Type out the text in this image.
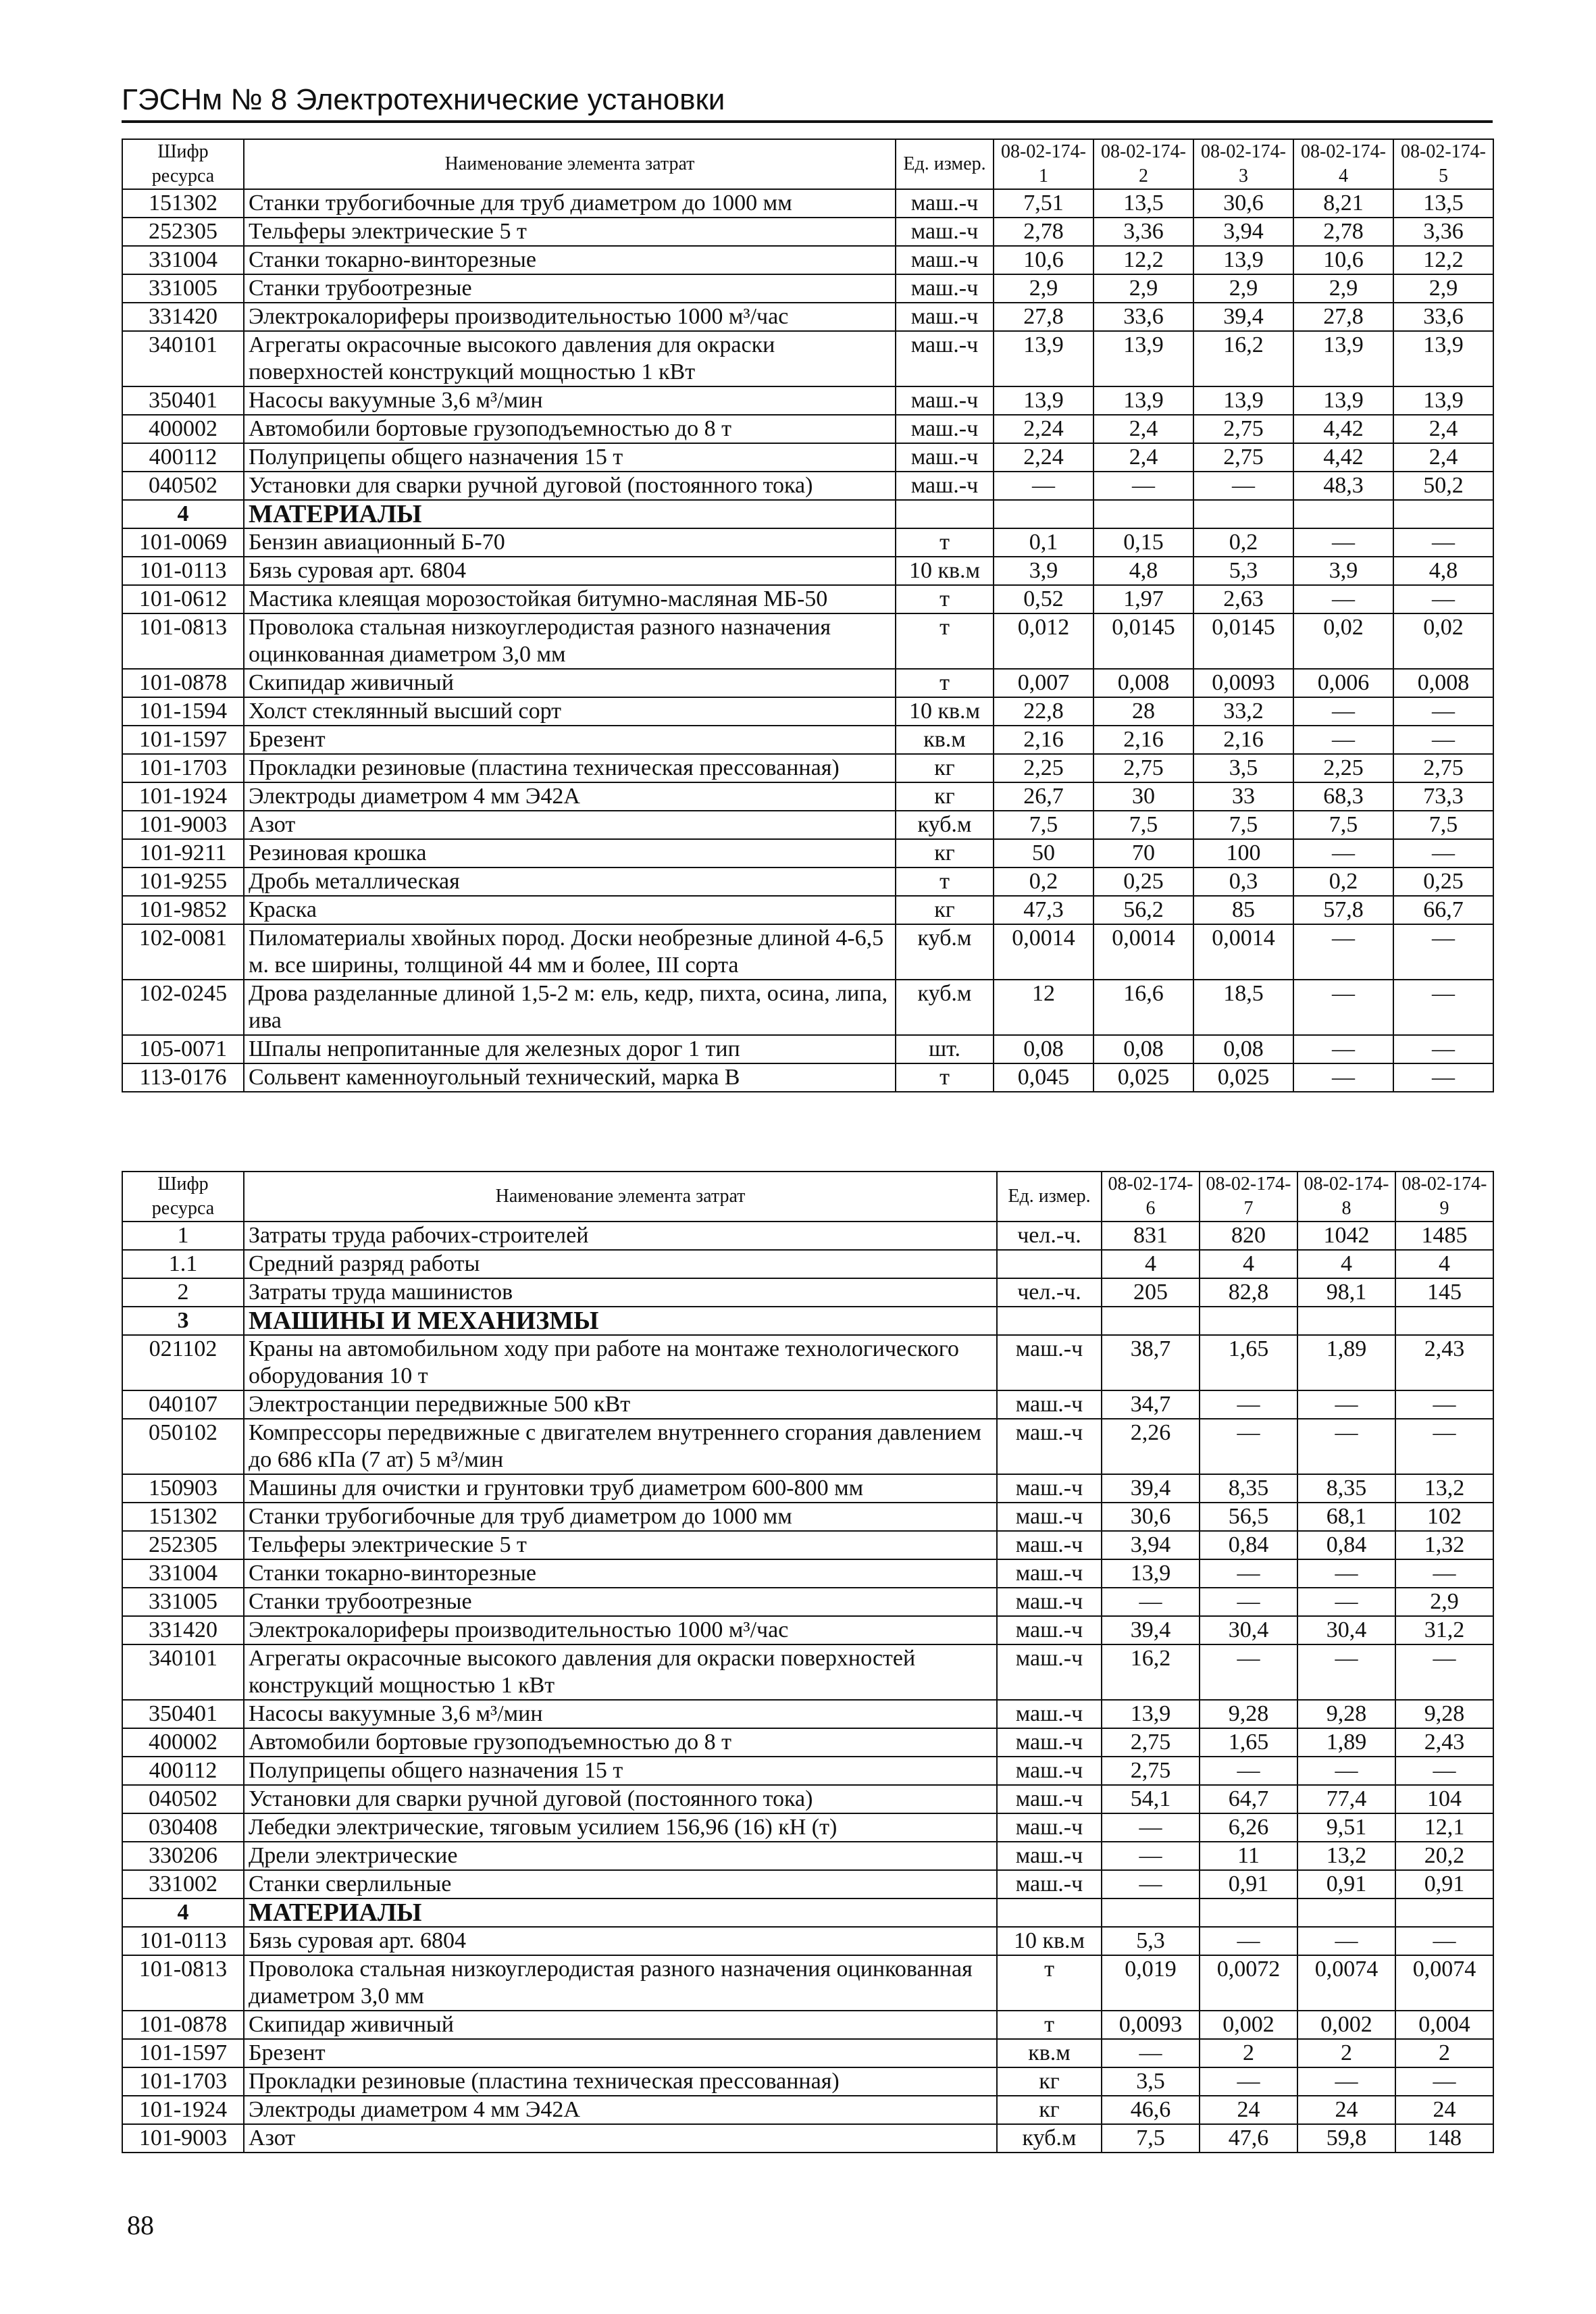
ГЭСНм № 8 Электротехнические установки
Шифр ресурса	Наименование элемента затрат	Ед. измер.	08-02-174-1	08-02-174-2	08-02-174-3	08-02-174-4	08-02-174-5
151302	Станки трубогибочные для труб диаметром до 1000 мм	маш.-ч	7,51	13,5	30,6	8,21	13,5
252305	Тельферы электрические 5 т	маш.-ч	2,78	3,36	3,94	2,78	3,36
331004	Станки токарно-винторезные	маш.-ч	10,6	12,2	13,9	10,6	12,2
331005	Станки трубоотрезные	маш.-ч	2,9	2,9	2,9	2,9	2,9
331420	Электрокалориферы производительностью 1000 м³/час	маш.-ч	27,8	33,6	39,4	27,8	33,6
340101	Агрегаты окрасочные высокого давления для окраски поверхностей конструкций мощностью 1 кВт	маш.-ч	13,9	13,9	16,2	13,9	13,9
350401	Насосы вакуумные 3,6 м³/мин	маш.-ч	13,9	13,9	13,9	13,9	13,9
400002	Автомобили бортовые грузоподъемностью до 8 т	маш.-ч	2,24	2,4	2,75	4,42	2,4
400112	Полуприцепы общего назначения 15 т	маш.-ч	2,24	2,4	2,75	4,42	2,4
040502	Установки для сварки ручной дуговой (постоянного тока)	маш.-ч	—	—	—	48,3	50,2
4	МАТЕРИАЛЫ						
101-0069	Бензин авиационный Б-70	т	0,1	0,15	0,2	—	—
101-0113	Бязь суровая арт. 6804	10 кв.м	3,9	4,8	5,3	3,9	4,8
101-0612	Мастика клеящая морозостойкая битумно-масляная МБ-50	т	0,52	1,97	2,63	—	—
101-0813	Проволока стальная низкоуглеродистая разного назначения оцинкованная диаметром 3,0 мм	т	0,012	0,0145	0,0145	0,02	0,02
101-0878	Скипидар живичный	т	0,007	0,008	0,0093	0,006	0,008
101-1594	Холст стеклянный высший сорт	10 кв.м	22,8	28	33,2	—	—
101-1597	Брезент	кв.м	2,16	2,16	2,16	—	—
101-1703	Прокладки резиновые (пластина техническая прессованная)	кг	2,25	2,75	3,5	2,25	2,75
101-1924	Электроды диаметром 4 мм Э42А	кг	26,7	30	33	68,3	73,3
101-9003	Азот	куб.м	7,5	7,5	7,5	7,5	7,5
101-9211	Резиновая крошка	кг	50	70	100	—	—
101-9255	Дробь металлическая	т	0,2	0,25	0,3	0,2	0,25
101-9852	Краска	кг	47,3	56,2	85	57,8	66,7
102-0081	Пиломатериалы хвойных пород. Доски необрезные длиной 4-6,5 м. все ширины, толщиной 44 мм и более, III сорта	куб.м	0,0014	0,0014	0,0014	—	—
102-0245	Дрова разделанные длиной 1,5-2 м: ель, кедр, пихта, осина, липа, ива	куб.м	12	16,6	18,5	—	—
105-0071	Шпалы непропитанные для железных дорог 1 тип	шт.	0,08	0,08	0,08	—	—
113-0176	Сольвент каменноугольный технический, марка В	т	0,045	0,025	0,025	—	—
Шифр ресурса	Наименование элемента затрат	Ед. измер.	08-02-174-6	08-02-174-7	08-02-174-8	08-02-174-9
1	Затраты труда рабочих-строителей	чел.-ч.	831	820	1042	1485
1.1	Средний разряд работы		4	4	4	4
2	Затраты труда машинистов	чел.-ч.	205	82,8	98,1	145
3	МАШИНЫ И МЕХАНИЗМЫ					
021102	Краны на автомобильном ходу при работе на монтаже технологического оборудования 10 т	маш.-ч	38,7	1,65	1,89	2,43
040107	Электростанции передвижные 500 кВт	маш.-ч	34,7	—	—	—
050102	Компрессоры передвижные с двигателем внутреннего сгорания давлением до 686 кПа (7 ат) 5 м³/мин	маш.-ч	2,26	—	—	—
150903	Машины для очистки и грунтовки труб диаметром 600-800 мм	маш.-ч	39,4	8,35	8,35	13,2
151302	Станки трубогибочные для труб диаметром до 1000 мм	маш.-ч	30,6	56,5	68,1	102
252305	Тельферы электрические 5 т	маш.-ч	3,94	0,84	0,84	1,32
331004	Станки токарно-винторезные	маш.-ч	13,9	—	—	—
331005	Станки трубоотрезные	маш.-ч	—	—	—	2,9
331420	Электрокалориферы производительностью 1000 м³/час	маш.-ч	39,4	30,4	30,4	31,2
340101	Агрегаты окрасочные высокого давления для окраски поверхностей конструкций мощностью 1 кВт	маш.-ч	16,2	—	—	—
350401	Насосы вакуумные 3,6 м³/мин	маш.-ч	13,9	9,28	9,28	9,28
400002	Автомобили бортовые грузоподъемностью до 8 т	маш.-ч	2,75	1,65	1,89	2,43
400112	Полуприцепы общего назначения 15 т	маш.-ч	2,75	—	—	—
040502	Установки для сварки ручной дуговой (постоянного тока)	маш.-ч	54,1	64,7	77,4	104
030408	Лебедки электрические, тяговым усилием 156,96 (16) кН (т)	маш.-ч	—	6,26	9,51	12,1
330206	Дрели электрические	маш.-ч	—	11	13,2	20,2
331002	Станки сверлильные	маш.-ч	—	0,91	0,91	0,91
4	МАТЕРИАЛЫ					
101-0113	Бязь суровая арт. 6804	10 кв.м	5,3	—	—	—
101-0813	Проволока стальная низкоуглеродистая разного назначения оцинкованная диаметром 3,0 мм	т	0,019	0,0072	0,0074	0,0074
101-0878	Скипидар живичный	т	0,0093	0,002	0,002	0,004
101-1597	Брезент	кв.м	—	2	2	2
101-1703	Прокладки резиновые (пластина техническая прессованная)	кг	3,5	—	—	—
101-1924	Электроды диаметром 4 мм Э42А	кг	46,6	24	24	24
101-9003	Азот	куб.м	7,5	47,6	59,8	148
88
